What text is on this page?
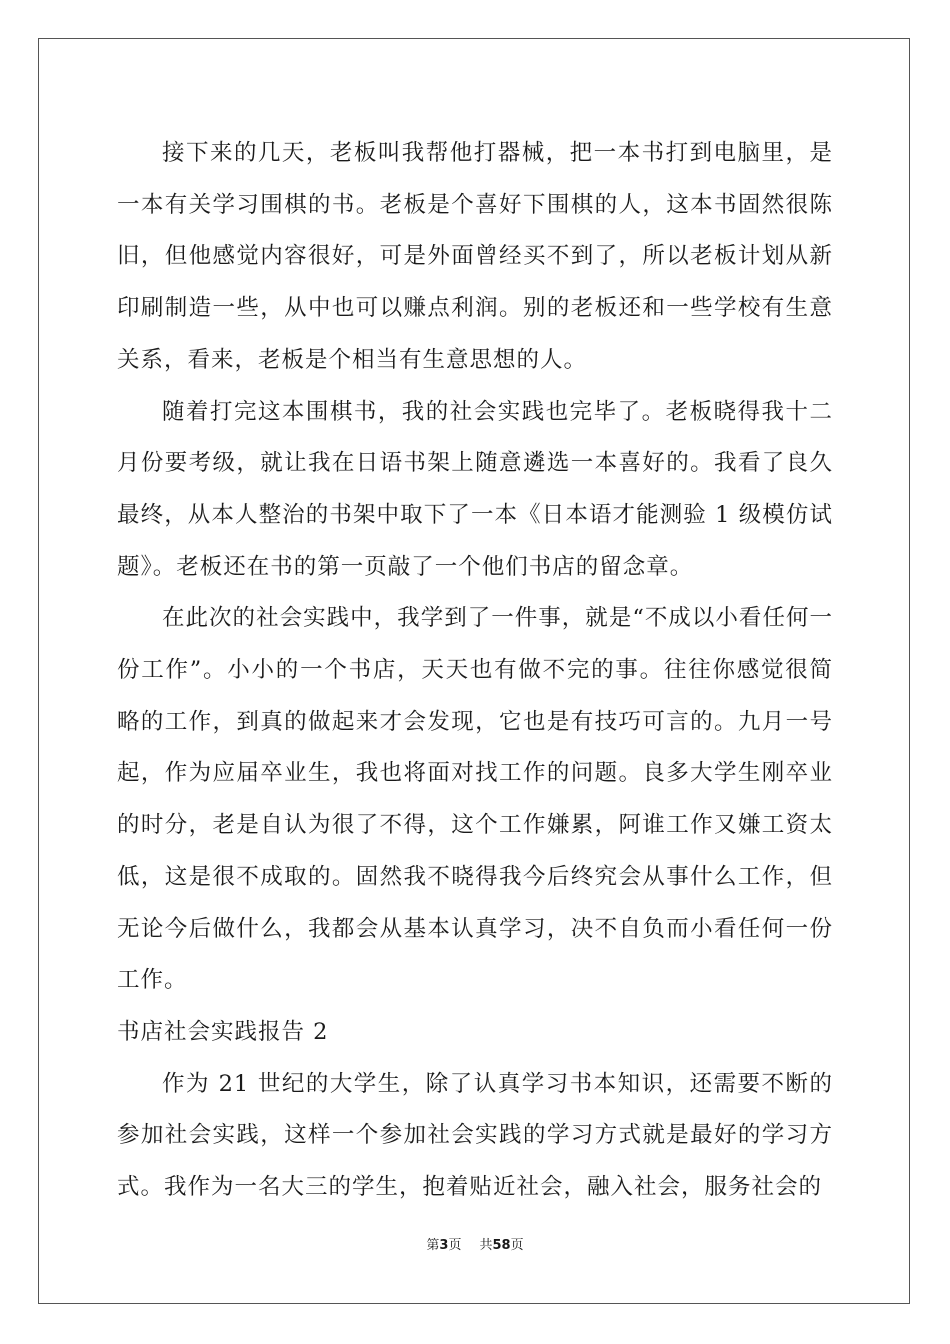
接下来的几天，老板叫我帮他打器械，把一本书打到电脑里，是一本有关学习围棋的书。老板是个喜好下围棋的人，这本书固然很陈旧，但他感觉内容很好，可是外面曾经买不到了，所以老板计划从新印刷制造一些，从中也可以赚点利润。别的老板还和一些学校有生意关系，看来，老板是个相当有生意思想的人。

随着打完这本围棋书，我的社会实践也完毕了。老板晓得我十二月份要考级，就让我在日语书架上随意遴选一本喜好的。我看了良久最终，从本人整治的书架中取下了一本《日本语才能测验 1 级模仿试题》。老板还在书的第一页敲了一个他们书店的留念章。

在此次的社会实践中，我学到了一件事，就是“不成以小看任何一份工作”。小小的一个书店，天天也有做不完的事。往往你感觉很简略的工作，到真的做起来才会发现，它也是有技巧可言的。九月一号起，作为应届卒业生，我也将面对找工作的问题。良多大学生刚卒业的时分，老是自认为很了不得，这个工作嫌累，阿谁工作又嫌工资太低，这是很不成取的。固然我不晓得我今后终究会从事什么工作，但无论今后做什么，我都会从基本认真学习，决不自负而小看任何一份工作。

书店社会实践报告 2

作为 21 世纪的大学生，除了认真学习书本知识，还需要不断的参加社会实践，这样一个参加社会实践的学习方式就是最好的学习方式。我作为一名大三的学生，抱着贴近社会，融入社会，服务社会的

第3页 共58页
